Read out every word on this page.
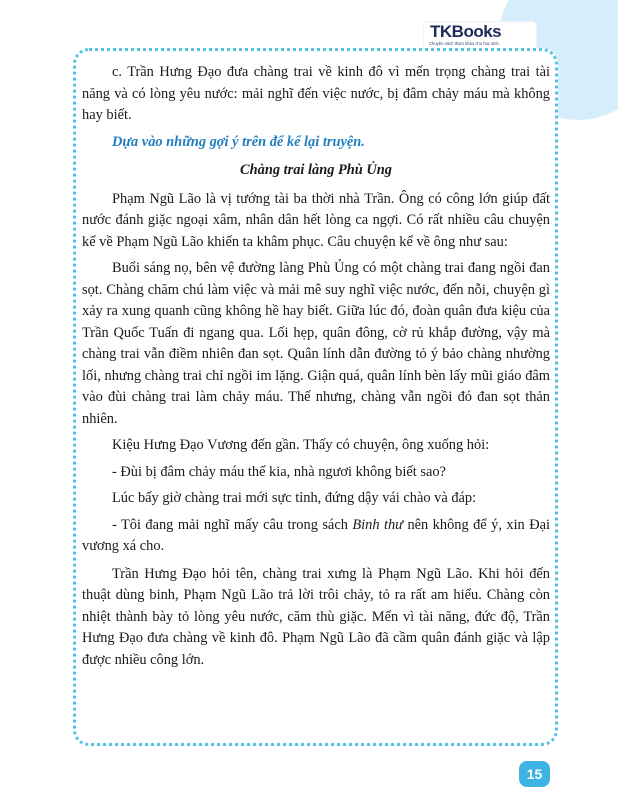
TKBooks
Chuyên sách tham khảo cho học sinh

c. Trần Hưng Đạo đưa chàng trai về kinh đô vì mến trọng chàng trai tài năng và có lòng yêu nước: mải nghĩ đến việc nước, bị đâm chảy máu mà không hay biết.

Dựa vào những gợi ý trên để kể lại truyện.

Chàng trai làng Phù Ủng

Phạm Ngũ Lão là vị tướng tài ba thời nhà Trần. Ông có công lớn giúp đất nước đánh giặc ngoại xâm, nhân dân hết lòng ca ngợi. Có rất nhiều câu chuyện kể về Phạm Ngũ Lão khiến ta khâm phục. Câu chuyện kể về ông như sau:

Buổi sáng nọ, bên vệ đường làng Phù Ủng có một chàng trai đang ngồi đan sọt. Chàng chăm chú làm việc và mải mê suy nghĩ việc nước, đến nỗi, chuyện gì xảy ra xung quanh cũng không hề hay biết. Giữa lúc đó, đoàn quân đưa kiệu của Trần Quốc Tuấn đi ngang qua. Lối hẹp, quân đông, cờ rủ khắp đường, vậy mà chàng trai vẫn điềm nhiên đan sọt. Quân lính dẫn đường tỏ ý bảo chàng nhường lối, nhưng chàng trai chỉ ngồi im lặng. Giận quá, quân lính bèn lấy mũi giáo đâm vào đùi chàng trai làm chảy máu. Thế nhưng, chàng vẫn ngồi đó đan sọt thản nhiên.

Kiệu Hưng Đạo Vương đến gần. Thấy có chuyện, ông xuống hỏi:

- Đùi bị đâm chảy máu thế kia, nhà ngươi không biết sao?

Lúc bấy giờ chàng trai mới sực tỉnh, đứng dậy vái chào và đáp:

- Tôi đang mải nghĩ mấy câu trong sách Binh thư nên không để ý, xin Đại vương xá cho.

Trần Hưng Đạo hỏi tên, chàng trai xưng là Phạm Ngũ Lão. Khi hỏi đến thuật dùng binh, Phạm Ngũ Lão trả lời trôi chảy, tỏ ra rất am hiểu. Chàng còn nhiệt thành bày tỏ lòng yêu nước, căm thù giặc. Mến vì tài năng, đức độ, Trần Hưng Đạo đưa chàng về kinh đô. Phạm Ngũ Lão đã cầm quân đánh giặc và lập được nhiều công lớn.

15
